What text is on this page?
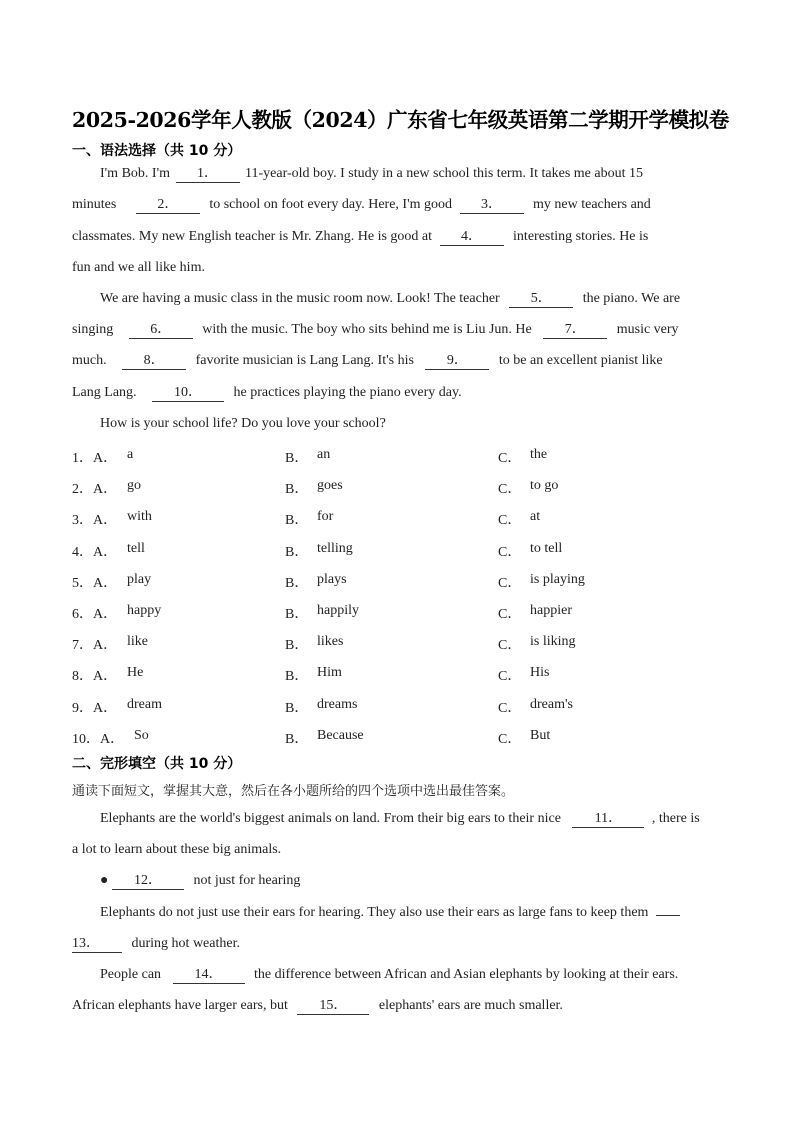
2025-2026学年人教版（2024）广东省七年级英语第二学期开学模拟卷
一、语法选择（共 10 分）
I'm Bob. I'm 1． 11-year-old boy. I study in a new school this term. It takes me about 15
minutes	2． to school on foot every day. Here, I'm good 3． my new teachers and
classmates. My new English teacher is Mr. Zhang. He is good at 4． interesting stories. He is
fun and we all like him.
We are having a music class in the music room now. Look! The teacher 5． the piano. We are
singing	6． with the music. The boy who sits behind me is Liu Jun. He 7． music very
much.	8． favorite musician is Lang Lang. It's his 9． to be an excellent pianist like
Lang Lang.	10． he practices playing the piano every day.
How is your school life? Do you love your school?
1．A． a	B． an	C． the
2．A． go	B． goes	C． to go
3．A． with	B． for	C． at
4．A． tell	B． telling	C． to tell
5．A． play	B． plays	C． is playing
6．A． happy	B． happily	C． happier
7．A． like	B． likes	C． is liking
8．A． He	B． Him	C． His
9．A． dream	B． dreams	C． dream's
10．A． So	B． Because	C． But
二、完形填空（共 10 分）
通读下面短文，掌握其大意，然后在各小题所给的四个选项中选出最佳答案。
Elephants are the world's biggest animals on land. From their big ears to their nice 11． , there is
a lot to learn about these big animals.
● 12． not just for hearing
Elephants do not just use their ears for hearing. They also use their ears as large fans to keep them
13． during hot weather.
People can 14． the difference between African and Asian elephants by looking at their ears.
African elephants have larger ears, but 15． elephants' ears are much smaller.
